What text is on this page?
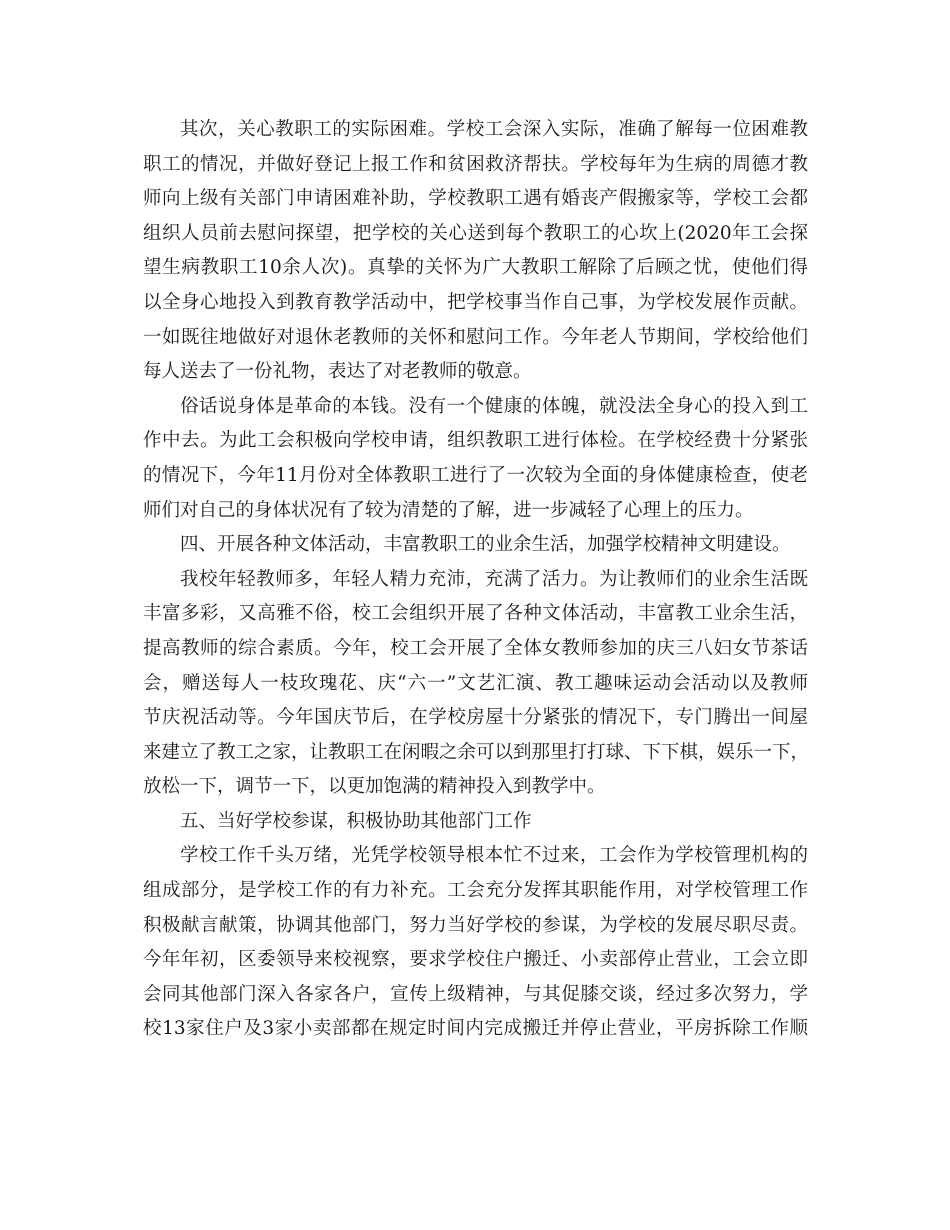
其次，关心教职工的实际困难。学校工会深入实际，准确了解每一位困难教
职工的情况，并做好登记上报工作和贫困救济帮扶。学校每年为生病的周德才教
师向上级有关部门申请困难补助，学校教职工遇有婚丧产假搬家等，学校工会都
组织人员前去慰问探望，把学校的关心送到每个教职工的心坎上(2020年工会探
望生病教职工10余人次)。真挚的关怀为广大教职工解除了后顾之忧，使他们得
以全身心地投入到教育教学活动中，把学校事当作自己事，为学校发展作贡献。
一如既往地做好对退休老教师的关怀和慰问工作。今年老人节期间，学校给他们
每人送去了一份礼物，表达了对老教师的敬意。
俗话说身体是革命的本钱。没有一个健康的体魄，就没法全身心的投入到工
作中去。为此工会积极向学校申请，组织教职工进行体检。在学校经费十分紧张
的情况下，今年11月份对全体教职工进行了一次较为全面的身体健康检查，使老
师们对自己的身体状况有了较为清楚的了解，进一步减轻了心理上的压力。
四、开展各种文体活动，丰富教职工的业余生活，加强学校精神文明建设。
我校年轻教师多，年轻人精力充沛，充满了活力。为让教师们的业余生活既
丰富多彩，又高雅不俗，校工会组织开展了各种文体活动，丰富教工业余生活，
提高教师的综合素质。今年，校工会开展了全体女教师参加的庆三八妇女节茶话
会，赠送每人一枝玫瑰花、庆“六一”文艺汇演、教工趣味运动会活动以及教师
节庆祝活动等。今年国庆节后，在学校房屋十分紧张的情况下，专门腾出一间屋
来建立了教工之家，让教职工在闲暇之余可以到那里打打球、下下棋，娱乐一下，
放松一下，调节一下，以更加饱满的精神投入到教学中。
五、当好学校参谋，积极协助其他部门工作
学校工作千头万绪，光凭学校领导根本忙不过来，工会作为学校管理机构的
组成部分，是学校工作的有力补充。工会充分发挥其职能作用，对学校管理工作
积极献言献策，协调其他部门，努力当好学校的参谋，为学校的发展尽职尽责。
今年年初，区委领导来校视察，要求学校住户搬迁、小卖部停止营业，工会立即
会同其他部门深入各家各户，宣传上级精神，与其促膝交谈，经过多次努力，学
校13家住户及3家小卖部都在规定时间内完成搬迁并停止营业，平房拆除工作顺
